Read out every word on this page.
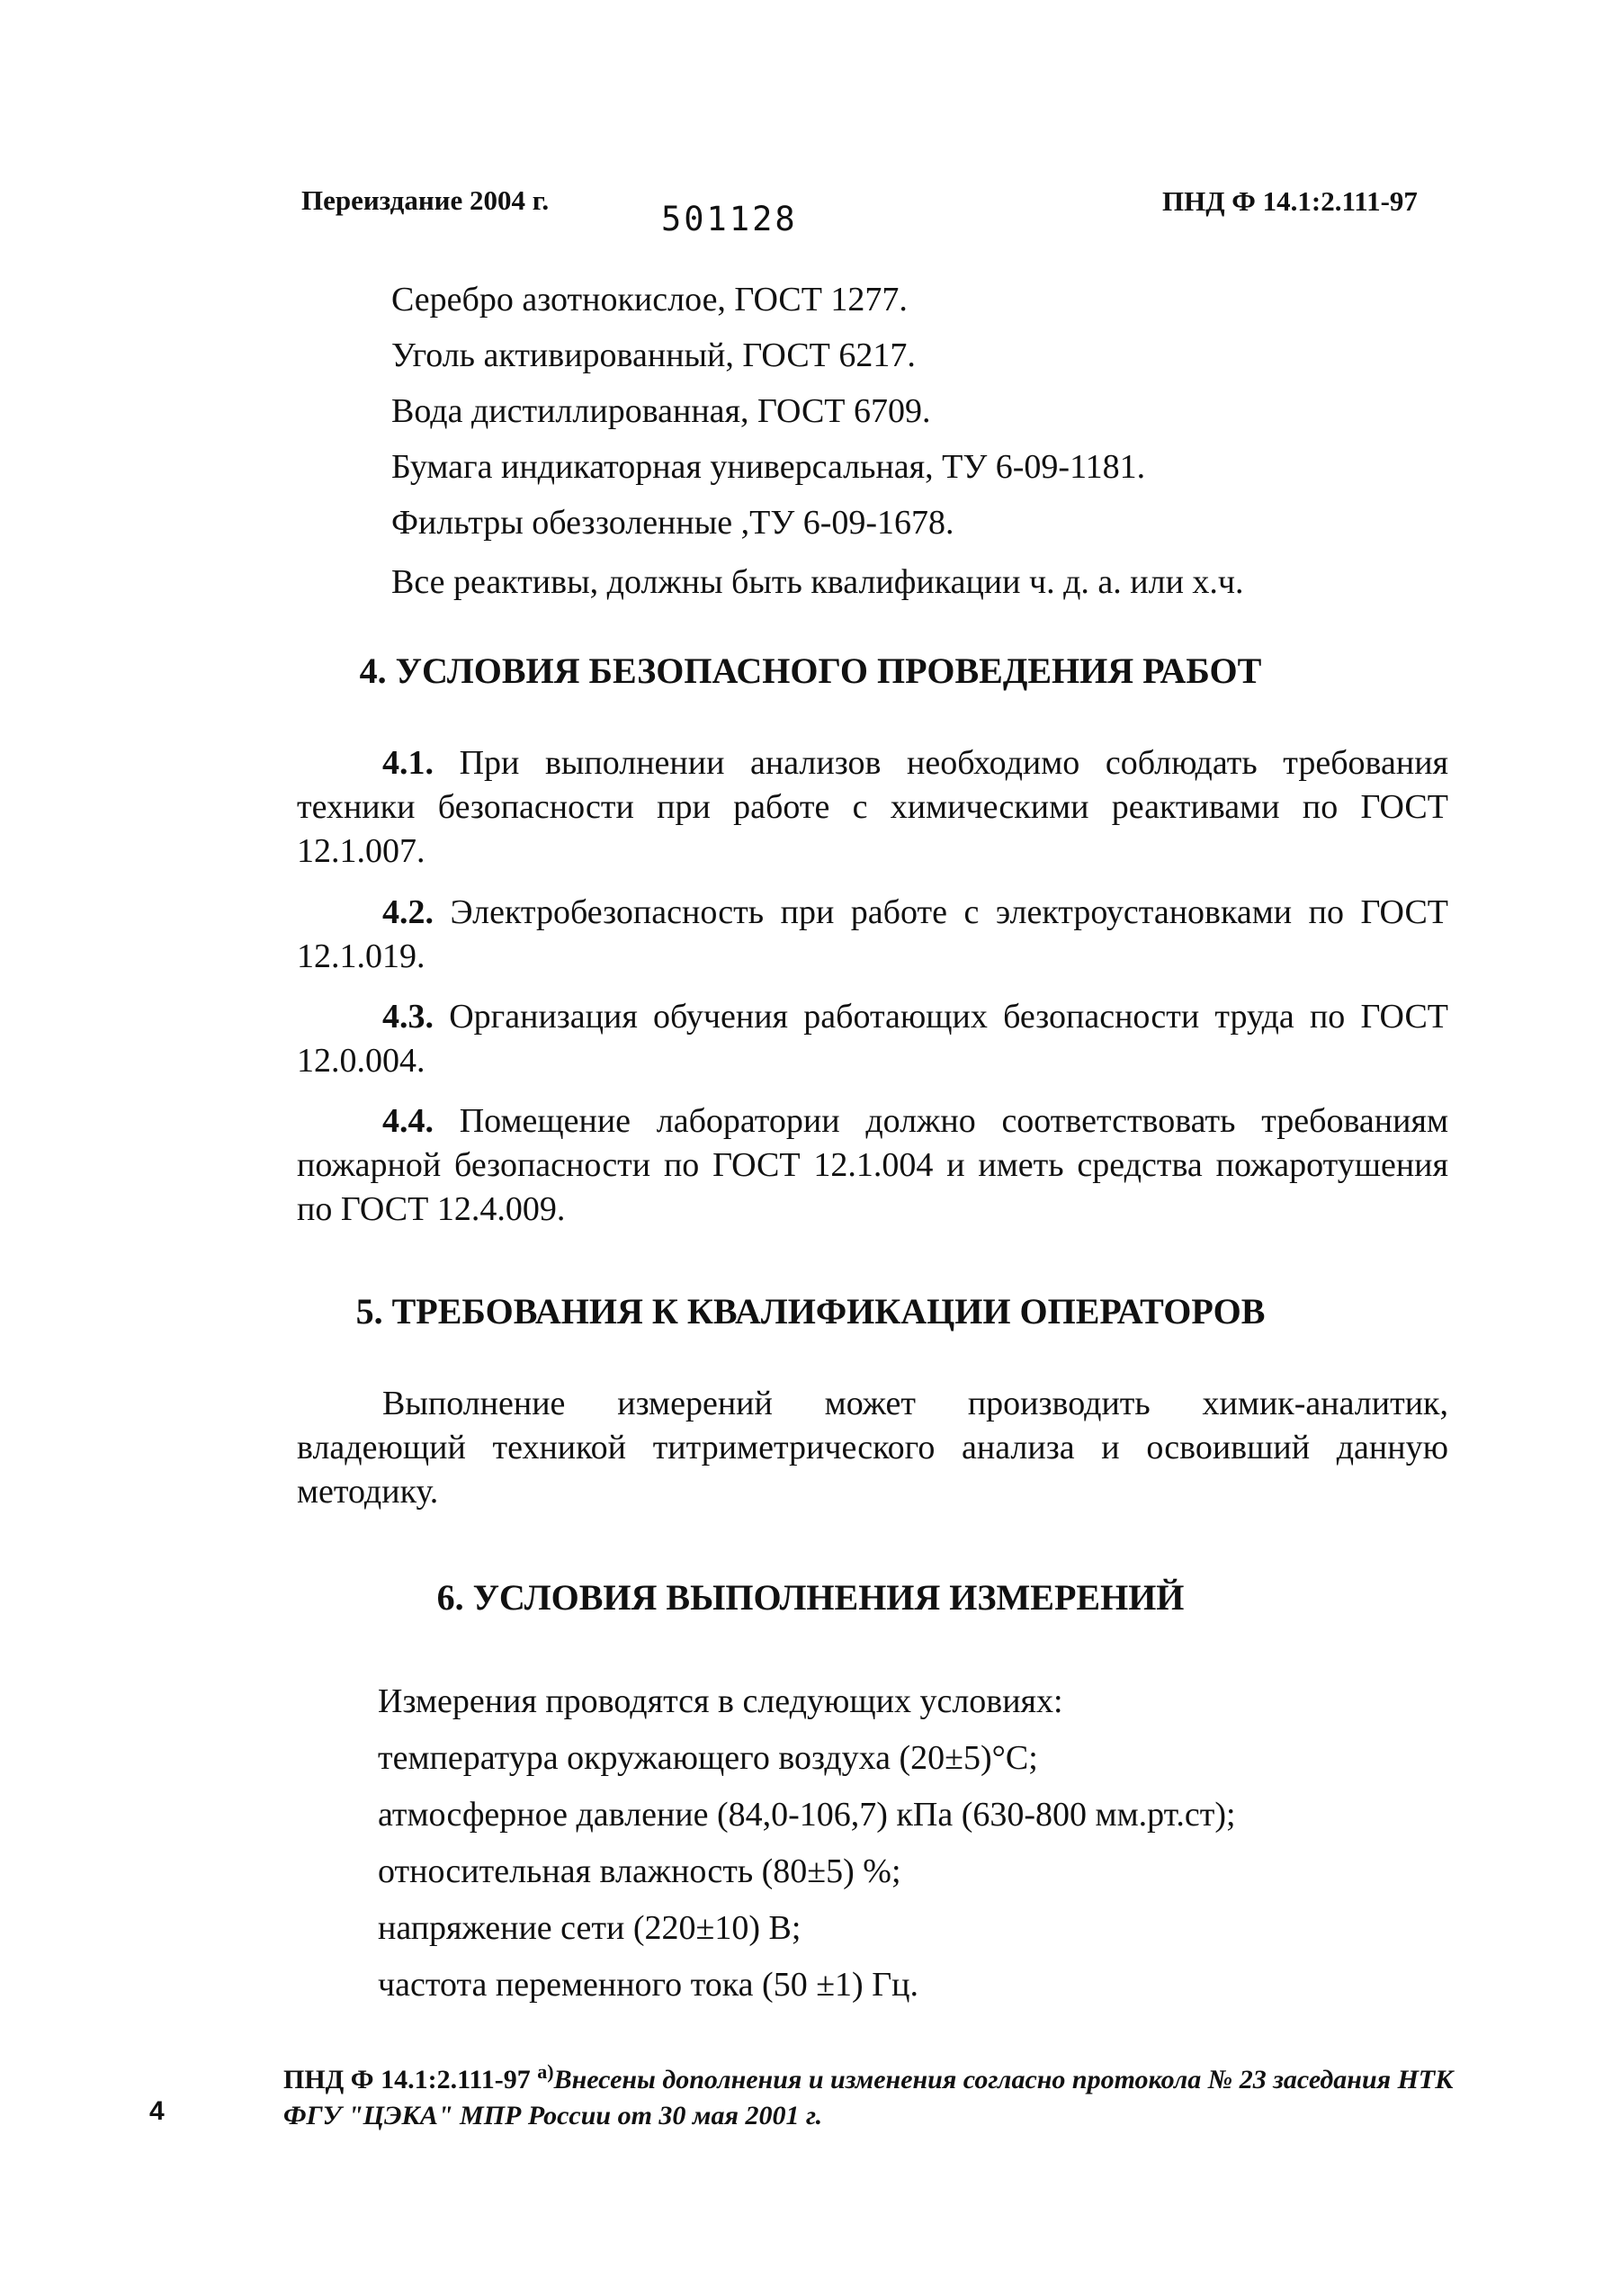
Переиздание 2004 г.	501128	ПНД Ф 14.1:2.111-97
Серебро азотнокислое, ГОСТ 1277.
Уголь активированный, ГОСТ 6217.
Вода дистиллированная, ГОСТ 6709.
Бумага индикаторная универсальная, ТУ 6-09-1181.
Фильтры обеззоленные ,ТУ 6-09-1678.
Все реактивы, должны быть квалификации ч. д. а. или х.ч.
4. УСЛОВИЯ БЕЗОПАСНОГО ПРОВЕДЕНИЯ РАБОТ
4.1. При выполнении анализов необходимо соблюдать требования техники безопасности при работе с химическими реактивами по ГОСТ 12.1.007.
4.2. Электробезопасность при работе с электроустановками по ГОСТ 12.1.019.
4.3. Организация обучения работающих безопасности труда по ГОСТ 12.0.004.
4.4. Помещение лаборатории должно соответствовать требованиям пожарной безопасности по ГОСТ 12.1.004 и иметь средства пожаротушения по ГОСТ 12.4.009.
5. ТРЕБОВАНИЯ К КВАЛИФИКАЦИИ ОПЕРАТОРОВ
Выполнение измерений может производить химик-аналитик, владеющий техникой титриметрического анализа и освоивший данную методику.
6. УСЛОВИЯ ВЫПОЛНЕНИЯ ИЗМЕРЕНИЙ
Измерения проводятся в следующих условиях:
температура окружающего воздуха (20±5)°С;
атмосферное давление (84,0-106,7) кПа (630-800 мм.рт.ст);
относительная влажность (80±5) %;
напряжение сети (220±10) В;
частота переменного тока (50 ±1) Гц.
ПНД Ф 14.1:2.111-97 $^{а)}$Внесены дополнения и изменения согласно протокола № 23 заседания НТК ФГУ "ЦЭКА" МПР России от 30 мая 2001 г.
4
